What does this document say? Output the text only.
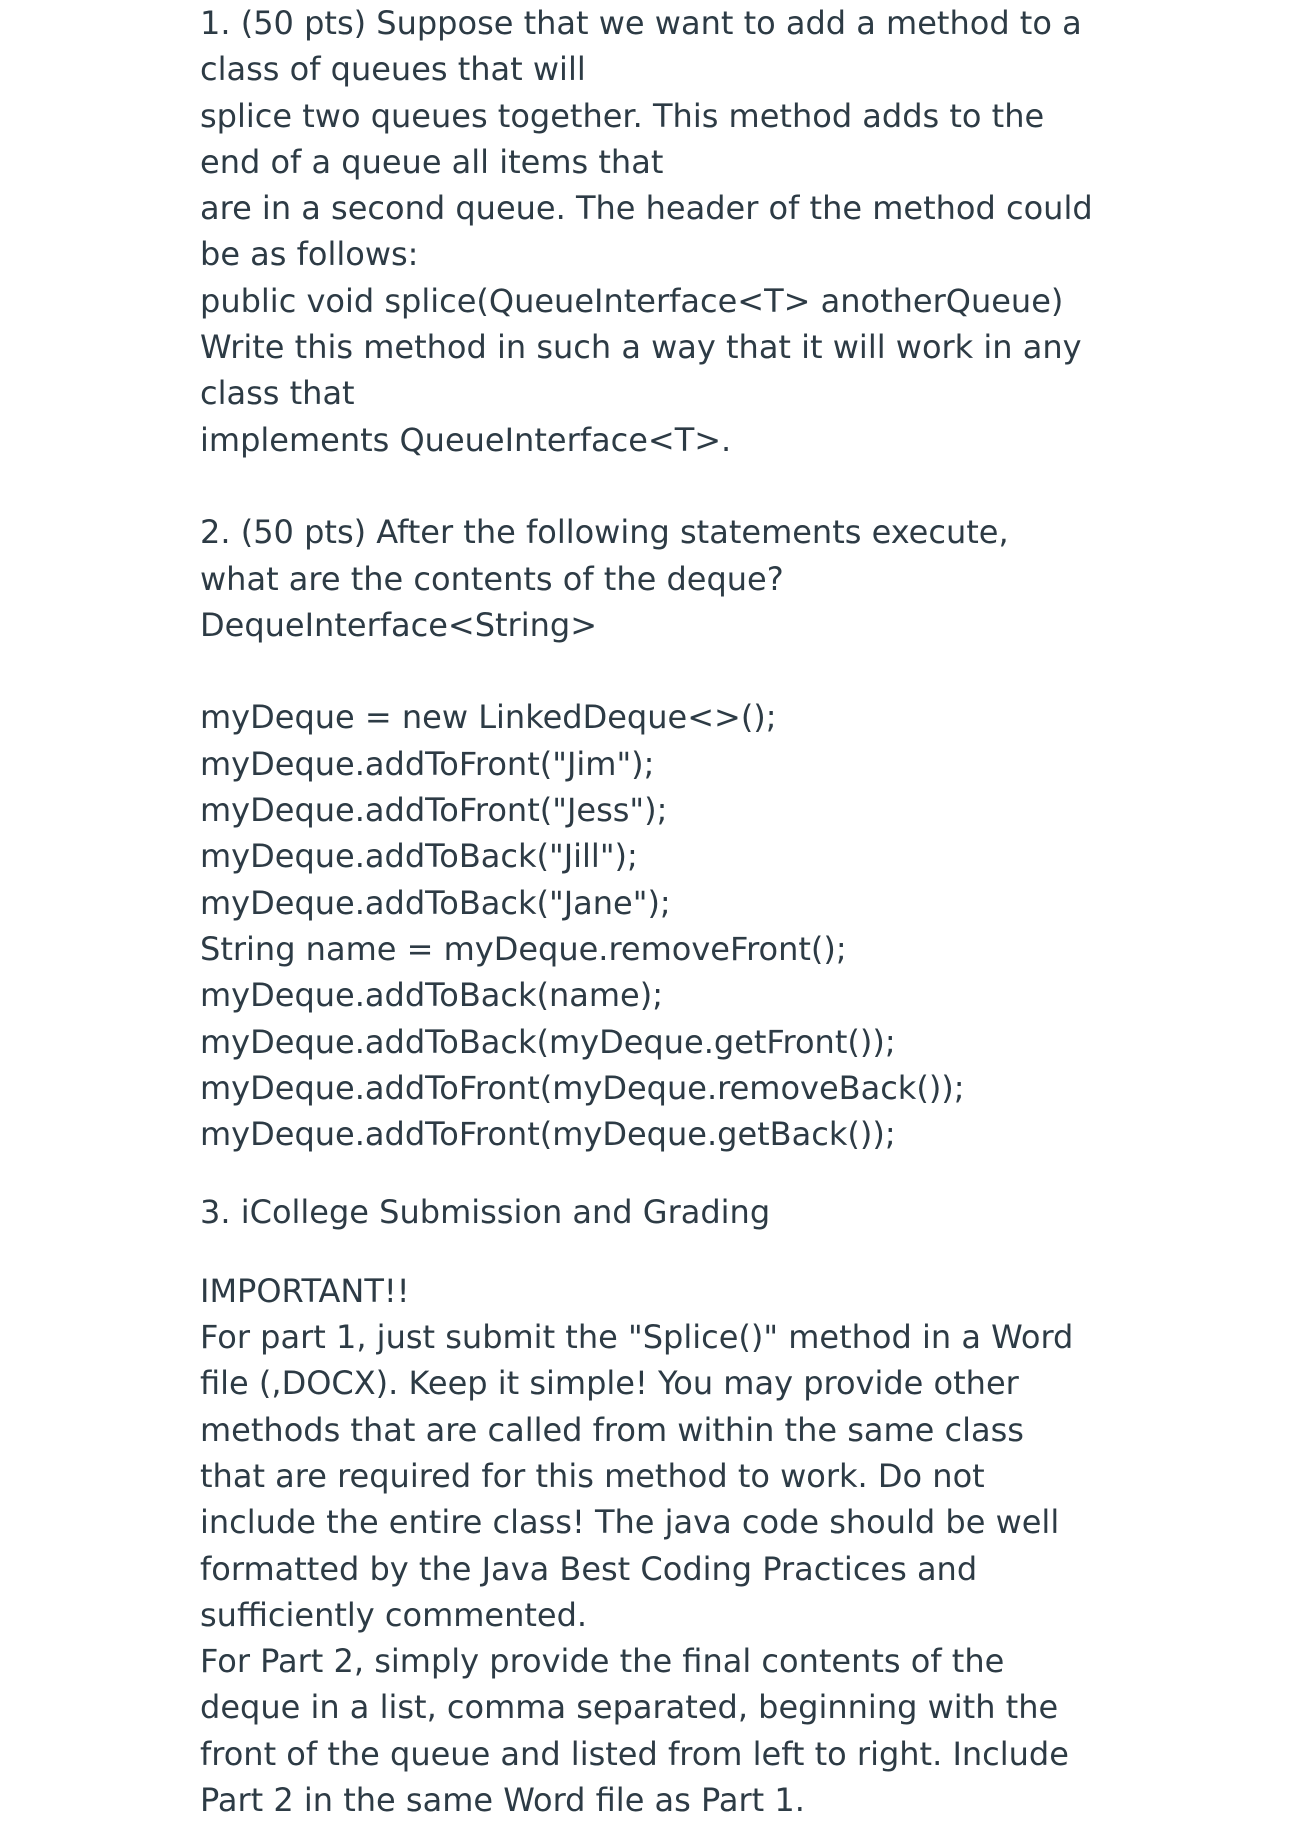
1. (50 pts) Suppose that we want to add a method to a
class of queues that will
splice two queues together. This method adds to the
end of a queue all items that
are in a second queue. The header of the method could
be as follows:
public void splice(QueueInterface<T> anotherQueue)
Write this method in such a way that it will work in any
class that
implements QueueInterface<T>.
2. (50 pts) After the following statements execute,
what are the contents of the deque?
DequeInterface<String>
myDeque = new LinkedDeque<>();
myDeque.addToFront("Jim");
myDeque.addToFront("Jess");
myDeque.addToBack("Jill");
myDeque.addToBack("Jane");
String name = myDeque.removeFront();
myDeque.addToBack(name);
myDeque.addToBack(myDeque.getFront());
myDeque.addToFront(myDeque.removeBack());
myDeque.addToFront(myDeque.getBack());
3. iCollege Submission and Grading
IMPORTANT!!
For part 1, just submit the "Splice()" method in a Word
file (,DOCX). Keep it simple! You may provide other
methods that are called from within the same class
that are required for this method to work. Do not
include the entire class! The java code should be well
formatted by the Java Best Coding Practices and
sufficiently commented.
For Part 2, simply provide the final contents of the
deque in a list, comma separated, beginning with the
front of the queue and listed from left to right. Include
Part 2 in the same Word file as Part 1.
